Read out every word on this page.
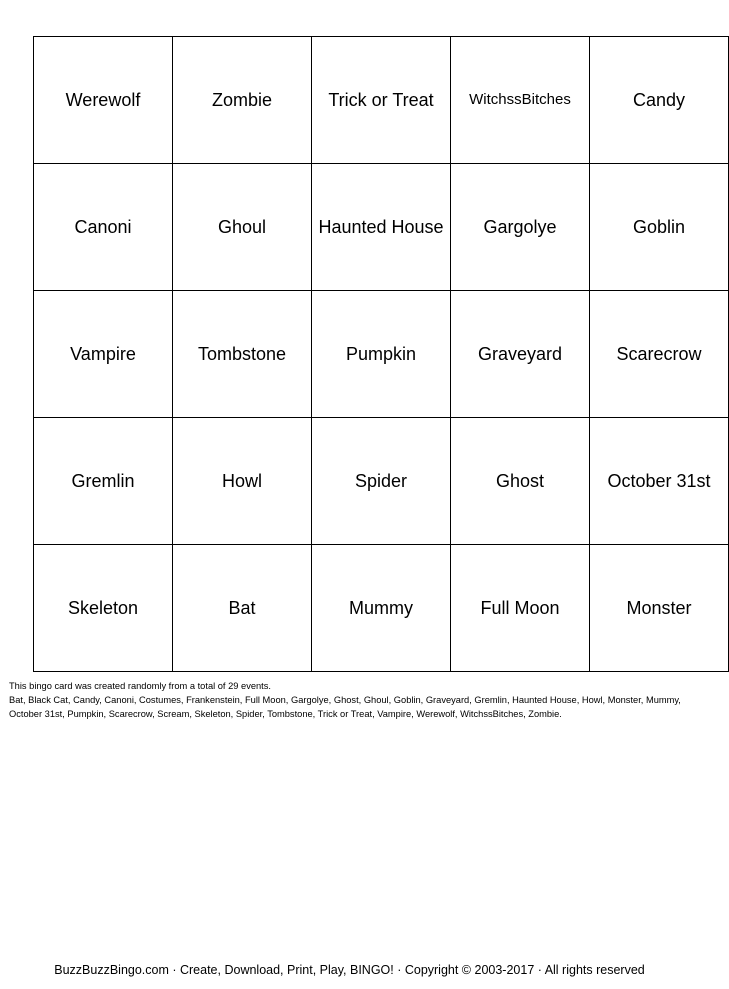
Werewolf	Zombie	Trick or Treat	WitchssBitches	Candy
Canoni	Ghoul	Haunted House	Gargolye	Goblin
Vampire	Tombstone	Pumpkin	Graveyard	Scarecrow
Gremlin	Howl	Spider	Ghost	October 31st
Skeleton	Bat	Mummy	Full Moon	Monster

This bingo card was created randomly from a total of 29 events.

Bat, Black Cat, Candy, Canoni, Costumes, Frankenstein, Full Moon, Gargolye, Ghost, Ghoul, Goblin, Graveyard, Gremlin, Haunted House, Howl, Monster, Mummy, October 31st, Pumpkin, Scarecrow, Scream, Skeleton, Spider, Tombstone, Trick or Treat, Vampire, Werewolf, WitchssBitches, Zombie.

BuzzBuzzBingo.com · Create, Download, Print, Play, BINGO! · Copyright © 2003-2017 · All rights reserved
